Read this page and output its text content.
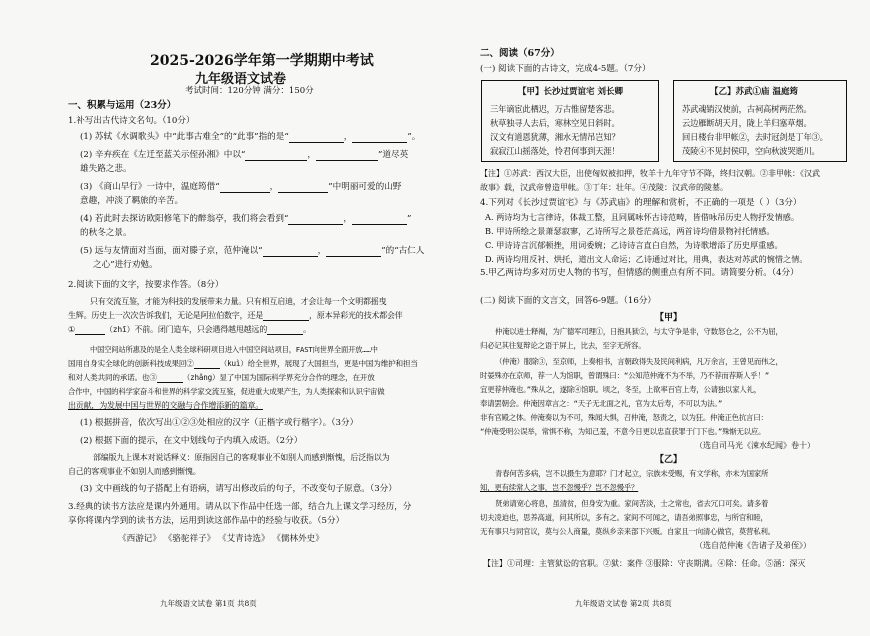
2025-2026学年第一学期期中考试
九年级语文试卷
考试时间：120分钟 满分：150分
一、积累与运用（23分）
1.补写出古代诗文名句。（10分）
(1) 苏轼《水调歌头》中“此事古难全”的“此事”指的是“	，	”。
(2) 辛弃疾在《左迁至蓝关示侄孙湘》中以“	，	”道尽英
雄失路之悲。
(3) 《商山早行》一诗中，温庭筠借“	，	”中明丽可爱的山野
意趣，冲淡了羁旅的辛苦。
(4) 若此时去探访欧阳修笔下的醉翁亭，我们将会看到“	，	”
的秋冬之景。
(5) 远与友情面对当面，面对滕子京，范仲淹以“	，	”的“古仁人
之心”进行劝勉。
2.阅读下面的文字，按要求作答。（8分）
只有交流互鉴，才能为科技的发展带来力量。只有相互启迪，才会让每一个文明都摇曳
生辉。历史上一次次告诉我们，无论是阿拉伯数字，还是	，原本异彩光的技术都会伴
①	（zhī）不前。闭门造车，只会遇得越甩越远的	。
中国空间站所惠及的是全人类全球科研项目进入中国空间站项目，FAST向世界全面开放……中
国用自身实全球化的创新科技成果回②	（kuì）给全世界，展现了大国担当，更是中国为维护和担当
和对人类共同的承诺。也③	（zhǎng）显了中国为国际科学界充分合作的理念，在开放
合作中，中国的科学家奋斗和世界的科学家交流互鉴，促进重大成果产生，为人类探索和认识宇宙做
出贡献，为发展中国与世界的交融与合作增添新的篇章。
(1) 根据拼音，依次写出①②③处相应的汉字（正楷字或行楷字）。（3分）
(2) 根据下面的提示，在文中划线句子内填入成语。（2分）
部编版九上课本对说话释义：原指因自己的客观事业不如别人而感到惭愧，后泛指以为
自己的客观事业不如别人而感到惭愧。
(3) 文中画线的句子搭配上有语病，请写出修改后的句子，不改变句子原意。（3分）
3.经典的读书方法应是课内外通用。请从以下作品中任选一部，结合九上课文学习经历，分
享你将课内学到的读书方法，运用到读这部作品中的经验与收获。（5分）
《西游记》 《骆驼祥子》 《艾青诗选》 《儒林外史》
九年级语文试卷 第1页 共8页
二、阅读（67分）
(一) 阅读下面的古诗文，完成4-5题。（7分）
【甲】长沙过贾谊宅 刘长卿
三年谪宦此栖迟，万古惟留楚客悲。
秋草独寻人去后，寒林空见日斜时。
汉文有道恩犹薄，湘水无情吊岂知？
寂寂江山摇落处，怜君何事到天涯！
【乙】苏武①庙 温庭筠
苏武魂销汉使前，古祠高树两茫然。
云边雁断胡天月，陇上羊归塞草烟。
回日楼台非甲帐②，去时冠剑是丁年③。
茂陵④不见封侯印，空向秋波哭逝川。
【注】①苏武：西汉大臣，出使匈奴被扣押，牧羊十九年守节不降，终归汉朝。②非甲帐：《汉武
故事》载，汉武帝曾造甲帐。③丁年：壮年。④茂陵：汉武帝的陵墓。
4.下列对《长沙过贾谊宅》与《苏武庙》的理解和赏析，不正确的一项是（ ）（3分）
A. 两诗均为七言律诗，体裁工整，且同属咏怀古诗范畴，皆借咏吊历史人物抒发情感。
B. 甲诗所绘之景萧瑟寂寥，乙诗所写之景苍茫高远，两首诗均借景物衬托情感。
C. 甲诗诗言沉郁顿挫，用词委婉；乙诗诗言直白自然，为诗歌增添了历史厚重感。
D. 两诗均用反衬、烘托，道出文人命运；乙诗通过对比，用典，表达对苏武的惋惜之情。
5.甲乙两诗均多对历史人物的书写，但情感的侧重点有所不同。请简要分析。（4分）
(二) 阅读下面的文言文，回答6-9题。（16分）
【甲】
仲淹以进士释褐，为广德军司理①，日抱具狱②，与太守争是非，守数怒仓之，公不为屈，
归必记其往复辩论之语于屏上，比去，至字无所容。
（仲淹）服除③，至京师，上奏相书，言朝政得失及民间利病，凡万余言，王曾见而伟之，
时晏殊亦在京师，荐一人为馆职，曾谓殊曰：“公知范仲淹不为不举，乃不荐而荐斯人乎！”
宜更荐仲淹也。”殊从之，遂除④馆职。顷之，冬至，上欲率百官上寿，公请独以家人礼，
奉请罢朝会。仲淹因章言之：“天子无北面之礼，官为太后寿，不可以为法。”
非有官殿之体。仲淹奏以为不可，殊闻大惧，召仲淹，怒责之，以为狂。仲淹正色抗言曰：
“仲淹受明公误举，常惧不称，为知己羞，不意今日更以忠直获罪于门下也。”殊惭无以应。
（选自司马光《涑水纪闻》卷十）
【乙】
青春何苦多病，岂不以摄生为意耶？门才起立，宗族未受赐，有文学称，亦未为国家所
知，更有续常人之事，岂不忽慢乎？岂不忽慢乎？
贤弟请宽心将息，虽清贫，但身安为重。家间苦淡，士之常也，省去冗口可矣。请多着
切夫凌迫也，思养高道，问其所以，多有之。家间不可闻之，请吾弟照事忠，与所官和睦，
无有事只与同官议，莫与公人商量，莫纵乡亲来部下兴贩。自家且一向清心做官，莫营私利。
（选自范仲淹《告诸子及弟侄》）
【注】①司理：主管狱讼的官职。②狱：案件 ③服除：守丧期满。④除：任命。⑤涵：深灭
九年级语文试卷 第2页 共8页
